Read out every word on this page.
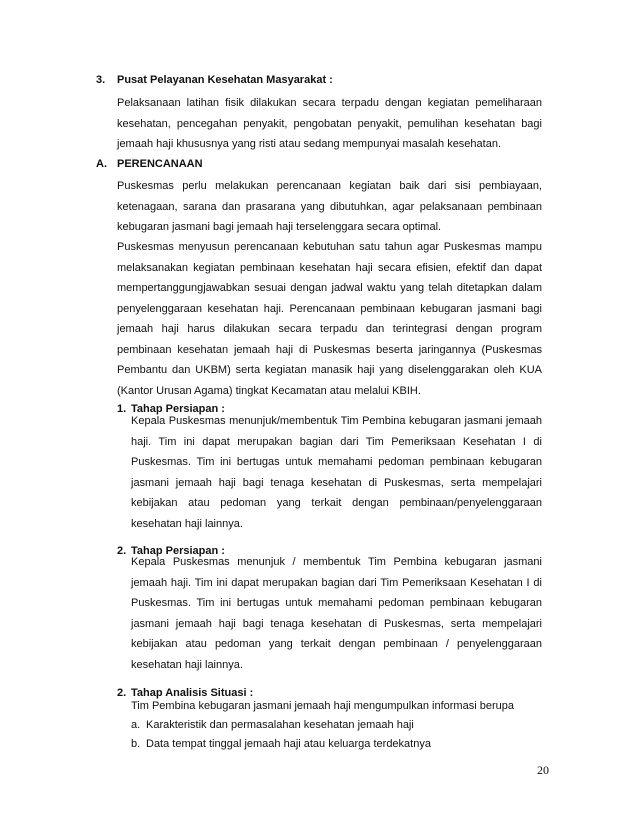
3. Pusat Pelayanan Kesehatan Masyarakat :

Pelaksanaan latihan fisik dilakukan secara terpadu dengan kegiatan pemeliharaan kesehatan, pencegahan penyakit, pengobatan penyakit, pemulihan kesehatan bagi jemaah haji khususnya yang risti atau sedang mempunyai masalah kesehatan.

A. PERENCANAAN

Puskesmas perlu melakukan perencanaan kegiatan baik dari sisi pembiayaan, ketenagaan, sarana dan prasarana yang dibutuhkan, agar pelaksanaan pembinaan kebugaran jasmani bagi jemaah haji terselenggara secara optimal.

Puskesmas menyusun perencanaan kebutuhan satu tahun agar Puskesmas mampu melaksanakan kegiatan pembinaan kesehatan haji secara efisien, efektif dan dapat mempertanggungjawabkan sesuai dengan jadwal waktu yang telah ditetapkan dalam penyelenggaraan kesehatan haji. Perencanaan pembinaan kebugaran jasmani bagi jemaah haji harus dilakukan secara terpadu dan terintegrasi dengan program pembinaan kesehatan jemaah haji di Puskesmas beserta jaringannya (Puskesmas Pembantu dan UKBM) serta kegiatan manasik haji yang diselenggarakan oleh KUA (Kantor Urusan Agama) tingkat Kecamatan atau melalui KBIH.

1. Tahap Persiapan :

Kepala Puskesmas menunjuk/membentuk Tim Pembina kebugaran jasmani jemaah haji. Tim ini dapat merupakan bagian dari Tim Pemeriksaan Kesehatan I di Puskesmas. Tim ini bertugas untuk memahami pedoman pembinaan kebugaran jasmani jemaah haji bagi tenaga kesehatan di Puskesmas, serta mempelajari kebijakan atau pedoman yang terkait dengan pembinaan/penyelenggaraan kesehatan haji lainnya.

2. Tahap Persiapan :

Kepala Puskesmas menunjuk / membentuk Tim Pembina kebugaran jasmani jemaah haji. Tim ini dapat merupakan bagian dari Tim Pemeriksaan Kesehatan I di Puskesmas. Tim ini bertugas untuk memahami pedoman pembinaan kebugaran jasmani jemaah haji bagi tenaga kesehatan di Puskesmas, serta mempelajari kebijakan atau pedoman yang terkait dengan pembinaan / penyelenggaraan kesehatan haji lainnya.

2. Tahap Analisis Situasi :
Tim Pembina kebugaran jasmani jemaah haji mengumpulkan informasi berupa
a. Karakteristik dan permasalahan kesehatan jemaah haji
b. Data tempat tinggal jemaah haji atau keluarga terdekatnya
20
